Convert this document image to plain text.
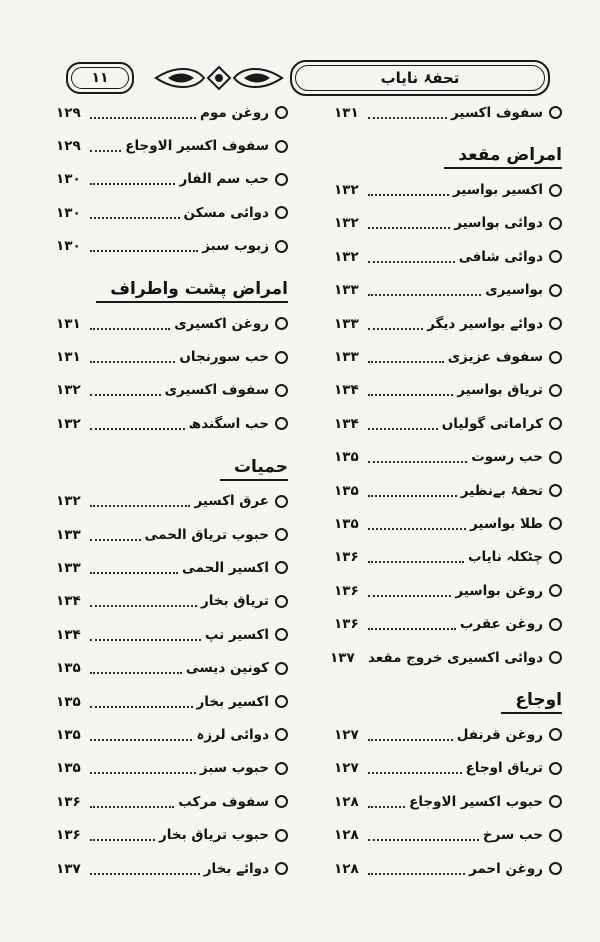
۱۱	تحفۂ نایاب
سفوف اکسیر
۱۳۱
امراض مقعد
اکسیر بواسیر
۱۳۲
دوائی بواسیر
۱۳۲
دوائی شافی
۱۳۲
بواسیری
۱۳۳
دوائے بواسیر دیگر
۱۳۳
سفوف عزیزی
۱۳۳
تریاق بواسیر
۱۳۴
کراماتی گولیاں
۱۳۴
حب رسوت
۱۳۵
تحفۂ بےنظیر
۱۳۵
طلا بواسیر
۱۳۵
چٹکلہ نایاب
۱۳۶
روغن بواسیر
۱۳۶
روغن عقرب
۱۳۶
دوائی اکسیری خروج مقعد
۱۳۷
اوجاع
روغن قرنفل
۱۲۷
تریاق اوجاع
۱۲۷
حبوب اکسیر الاوجاع
۱۲۸
حب سرخ
۱۲۸
روغن احمر
۱۲۸
روغن موم
۱۲۹
سفوف اکسیر الاوجاع
۱۲۹
حب سم الفار
۱۳۰
دوائی مسکن
۱۳۰
زبوب سبز
۱۳۰
امراض پشت واطراف
روغن اکسیری
۱۳۱
حب سورنجاں
۱۳۱
سفوف اکسیری
۱۳۲
حب اسگندھ
۱۳۲
حمیات
عرق اکسیر
۱۳۲
حبوب تریاق الحمی
۱۳۳
اکسیر الحمی
۱۳۳
تریاق بخار
۱۳۴
اکسیر تپ
۱۳۴
کونین دیسی
۱۳۵
اکسیر بخار
۱۳۵
دوائی لرزہ
۱۳۵
حبوب سبز
۱۳۵
سفوف مرکب
۱۳۶
حبوب تریاق بخار
۱۳۶
دوائے بخار
۱۳۷
